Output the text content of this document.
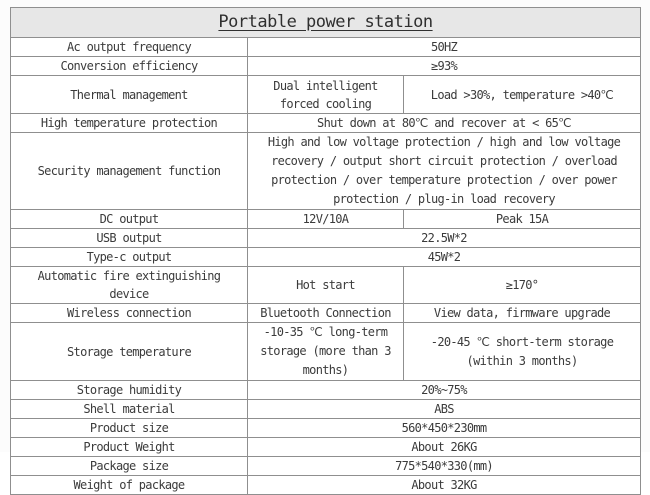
Portable power station		
Ac output frequency	50HZ	
Conversion efficiency	≥93%	
Thermal management	Dual intelligent forced cooling	Load >30%, temperature >40℃
High temperature protection	Shut down at 80℃ and recover at < 65℃	
Security management function	High and low voltage protection / high and low voltage recovery / output short circuit protection / overload protection / over temperature protection / over power protection / plug-in load recovery	
DC output	12V/10A	Peak 15A
USB output	22.5W*2	
Type-c output	45W*2	
Automatic fire extinguishing device	Hot start	≥170°
Wireless connection	Bluetooth Connection	View data, firmware upgrade
Storage temperature	-10-35 ℃ long-term storage (more than 3 months)	-20-45 ℃ short-term storage (within 3 months)
Storage humidity	20%~75%	
Shell material	ABS	
Product size	560*450*230mm	
Product Weight	About 26KG	
Package size	775*540*330(mm)	
Weight of package	About 32KG	
